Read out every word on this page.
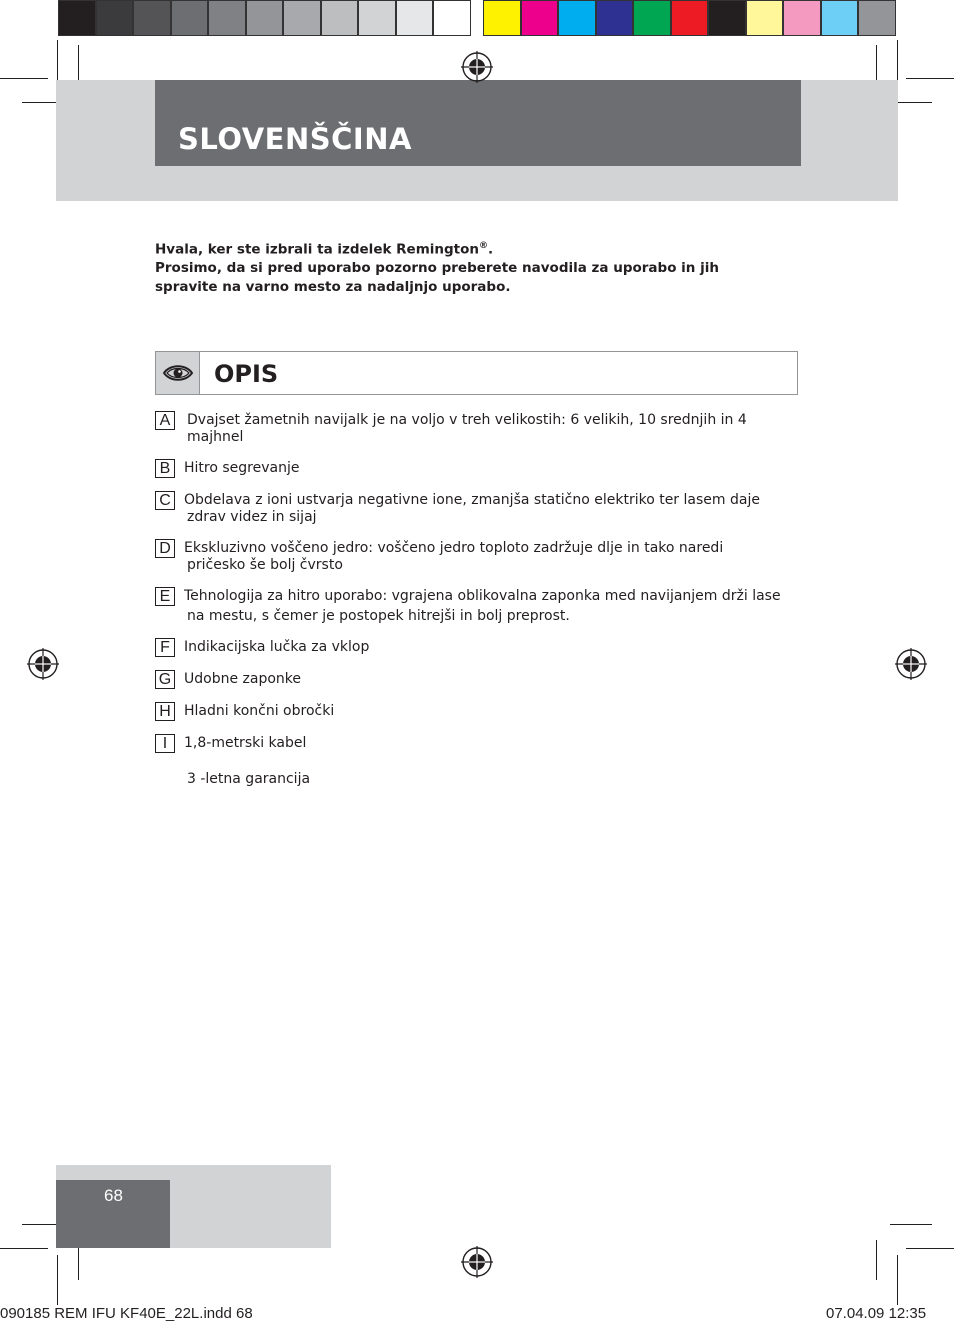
SLOVENŠČINA
Hvala, ker ste izbrali ta izdelek Remington®.
Prosimo, da si pred uporabo pozorno preberete navodila za uporabo in jih
spravite na varno mesto za nadaljnjo uporabo.
OPIS
A	Dvajset žametnih navijalk je na voljo v treh velikostih: 6 velikih, 10 srednjih in 4
majhnel
B Hitro segrevanje
C Obdelava z ioni ustvarja negativne ione, zmanjša statično elektriko ter lasem daje
zdrav videz in sijaj
D Ekskluzivno voščeno jedro: voščeno jedro toploto zadržuje dlje in tako naredi
pričesko še bolj čvrsto
E Tehnologija za hitro uporabo: vgrajena oblikovalna zaponka med navijanjem drži lase
na mestu, s čemer je postopek hitrejši in bolj preprost.
F	Indikacijska lučka za vklop
G Udobne zaponke
H Hladni končni obročki
I	1,8-metrski kabel
3 -letna garancija
68
090185 REM IFU KF40E_22L.indd 68	07.04.09 12:35
